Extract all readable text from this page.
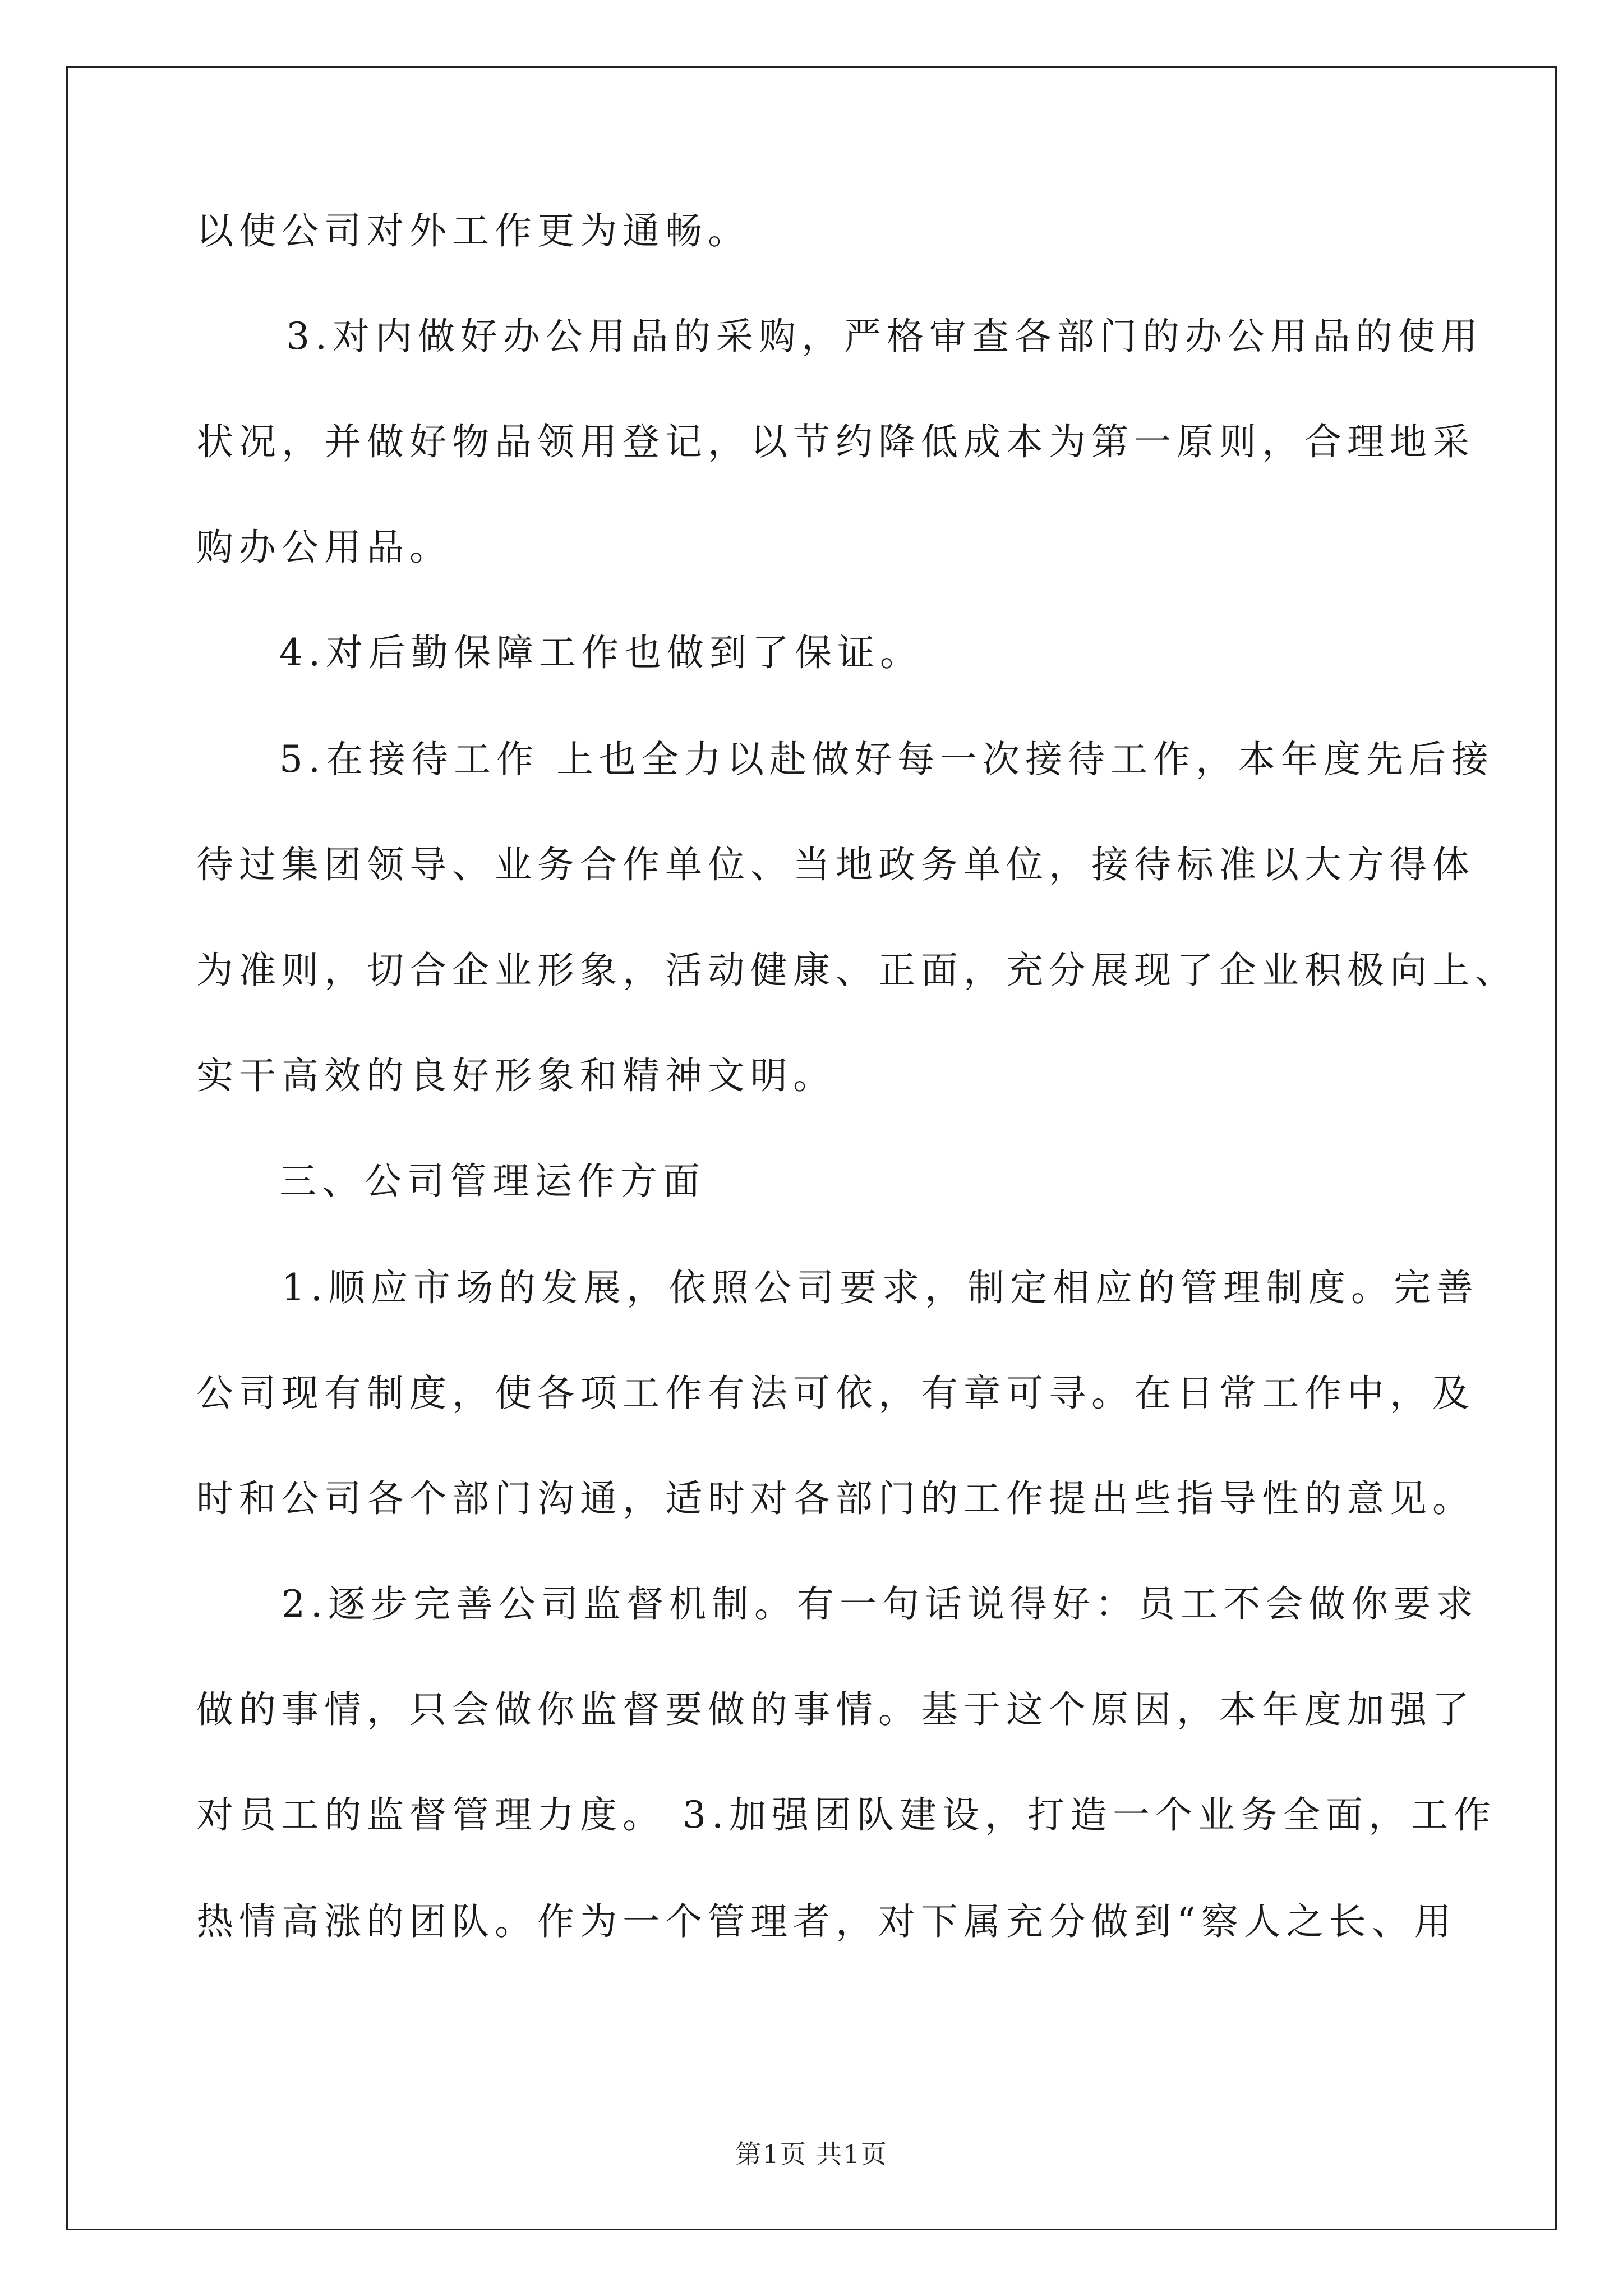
以使公司对外工作更为通畅。
3.对内做好办公用品的采购，严格审查各部门的办公用品的使用
状况，并做好物品领用登记，以节约降低成本为第一原则，合理地采
购办公用品。
4.对后勤保障工作也做到了保证。
5.在接待工作 上也全力以赴做好每一次接待工作，本年度先后接
待过集团领导、业务合作单位、当地政务单位，接待标准以大方得体
为准则，切合企业形象，活动健康、正面，充分展现了企业积极向上、
实干高效的良好形象和精神文明。
三、公司管理运作方面
1.顺应市场的发展，依照公司要求，制定相应的管理制度。完善
公司现有制度，使各项工作有法可依，有章可寻。在日常工作中，及
时和公司各个部门沟通，适时对各部门的工作提出些指导性的意见。
2.逐步完善公司监督机制。有一句话说得好：员工不会做你要求
做的事情，只会做你监督要做的事情。基于这个原因，本年度加强了
对员工的监督管理力度。 3.加强团队建设，打造一个业务全面，工作
热情高涨的团队。作为一个管理者，对下属充分做到“察人之长、用
第1页 共1页
